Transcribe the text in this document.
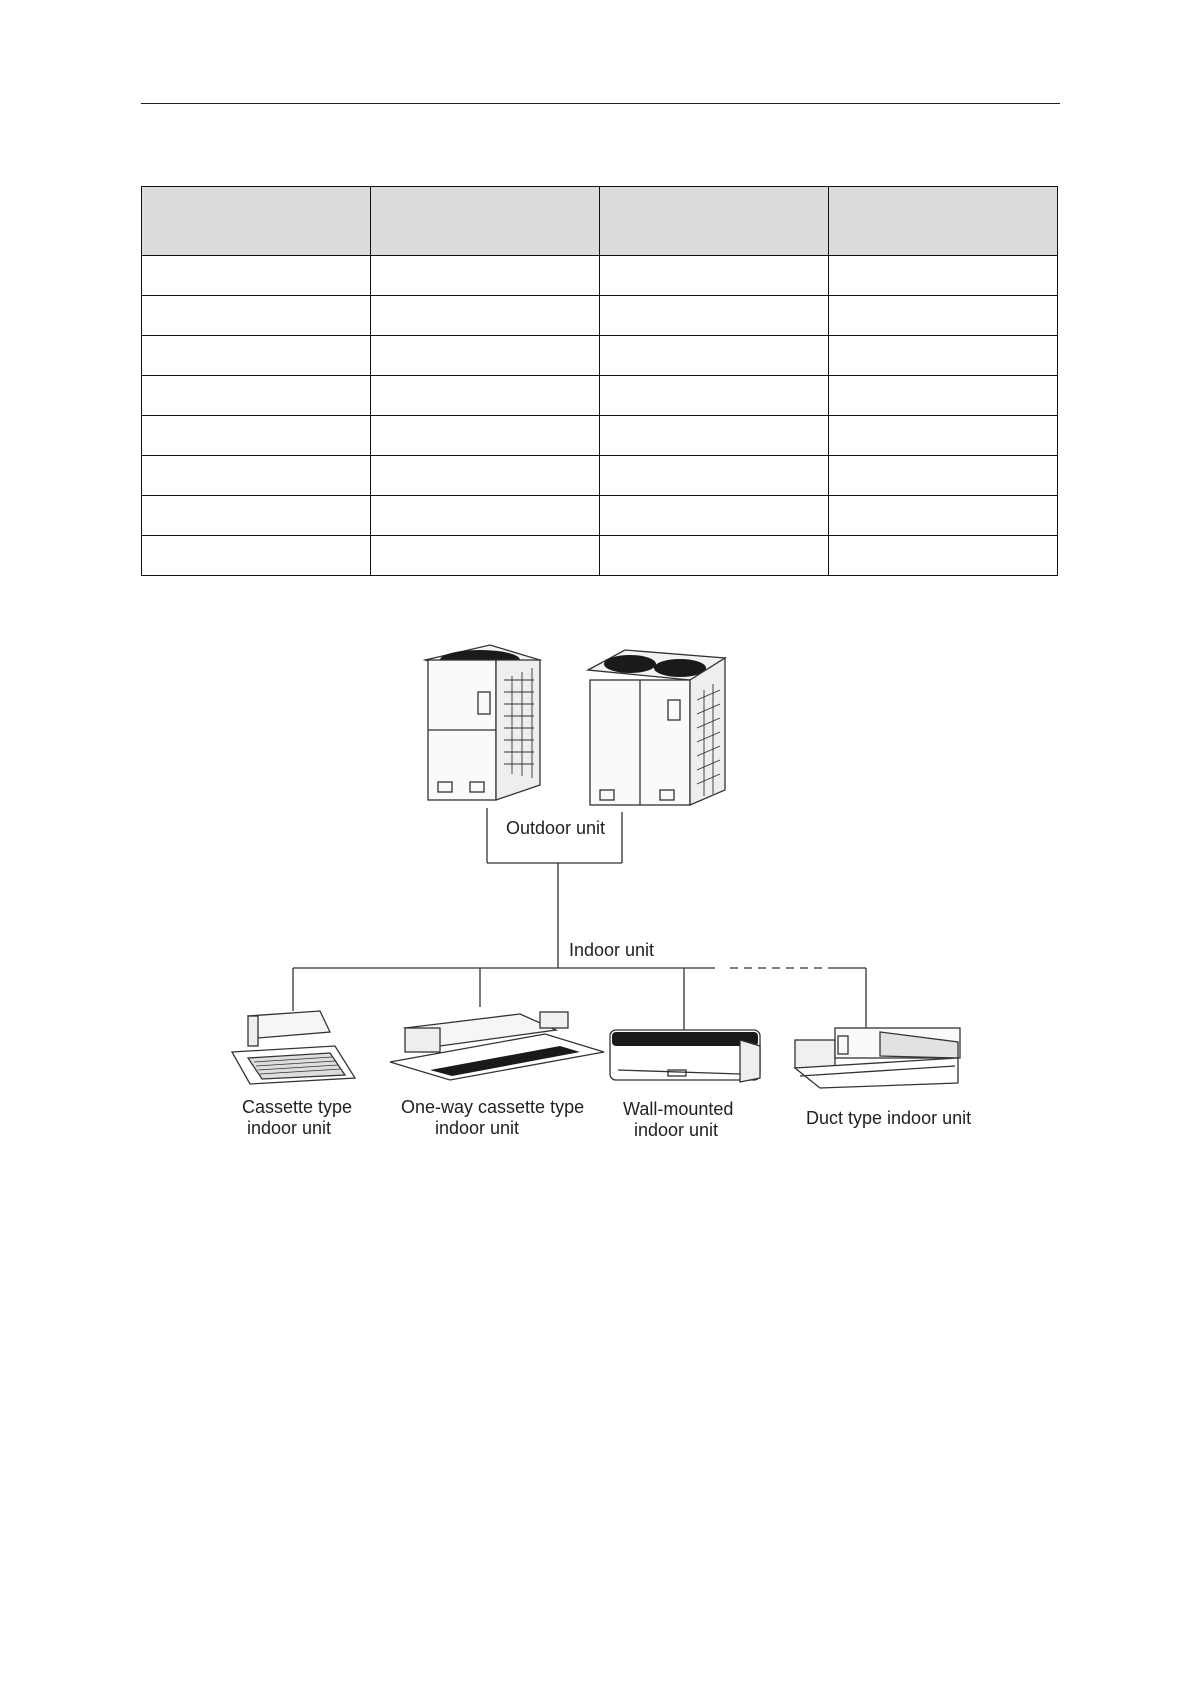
Outdoor unit
Indoor unit
Cassette type
indoor unit
One-way cassette type
indoor unit
Wall-mounted
indoor unit
Duct type indoor unit
